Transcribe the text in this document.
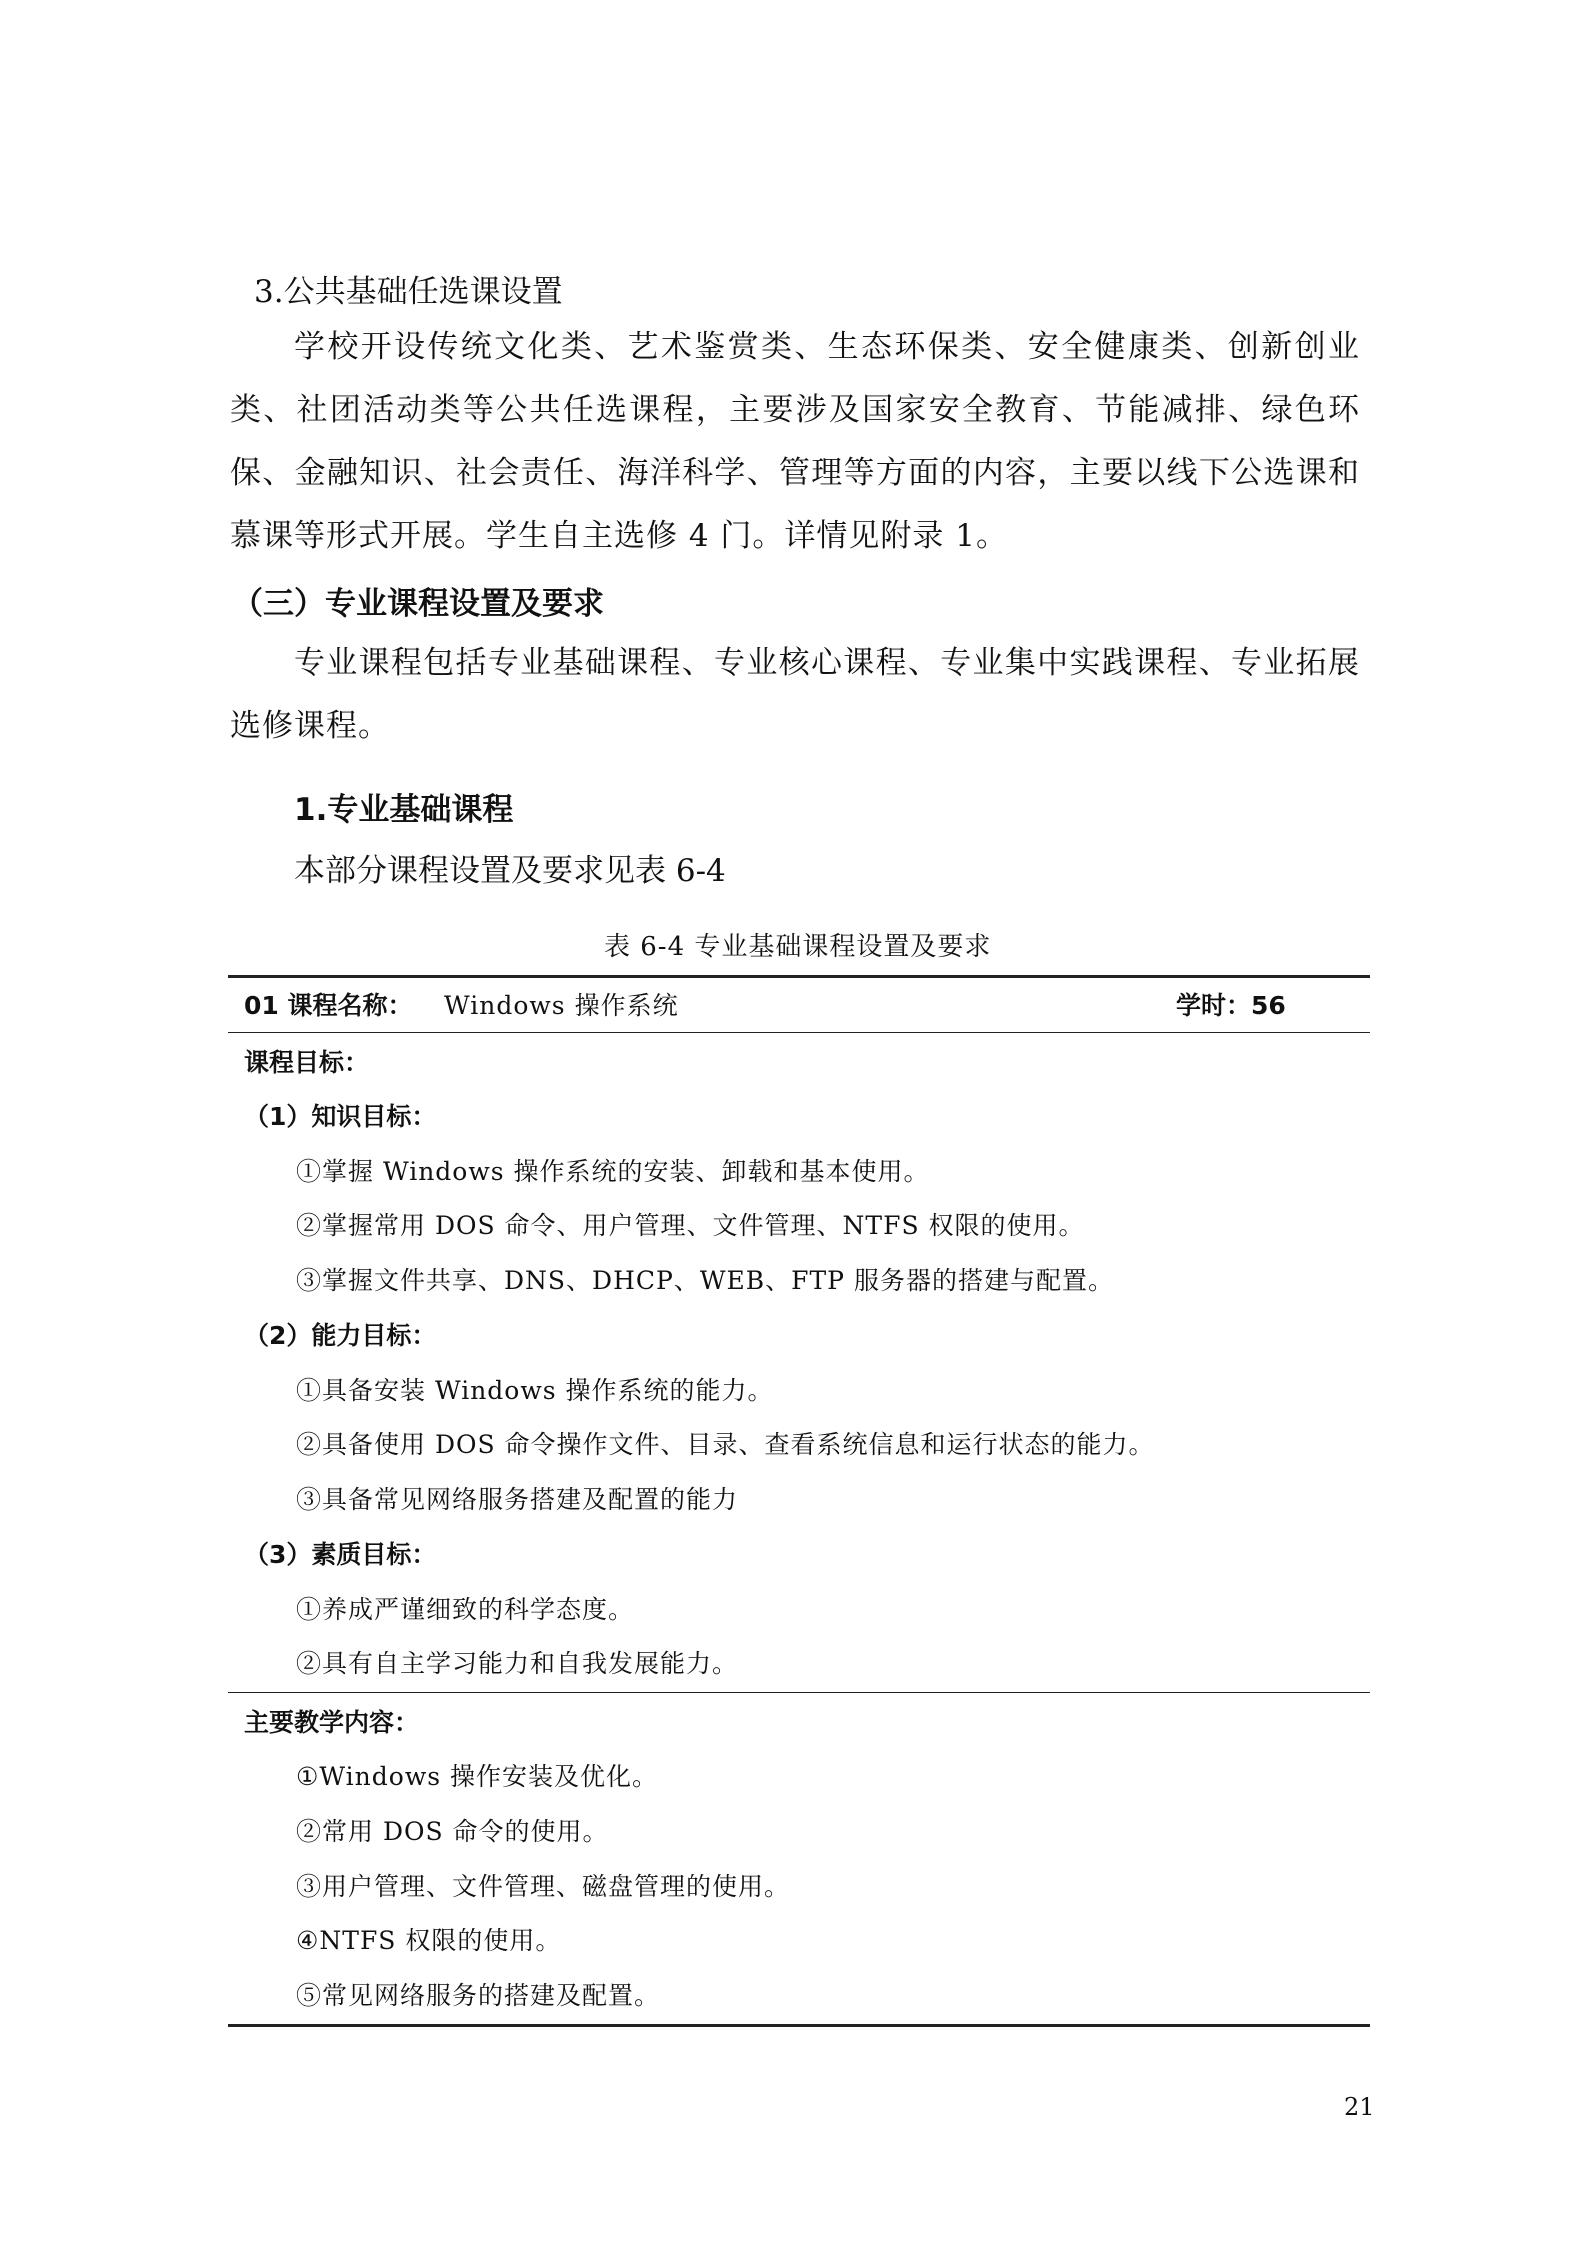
3.公共基础任选课设置
学校开设传统文化类、艺术鉴赏类、生态环保类、安全健康类、创新创业类、社团活动类等公共任选课程，主要涉及国家安全教育、节能减排、绿色环保、金融知识、社会责任、海洋科学、管理等方面的内容，主要以线下公选课和慕课等形式开展。学生自主选修 4 门。详情见附录 1。
（三）专业课程设置及要求
专业课程包括专业基础课程、专业核心课程、专业集中实践课程、专业拓展选修课程。
1.专业基础课程
本部分课程设置及要求见表 6-4
表 6-4 专业基础课程设置及要求
01 课程名称： Windows 操作系统	学时：56
课程目标：
（1）知识目标：
①掌握 Windows 操作系统的安装、卸载和基本使用。
②掌握常用 DOS 命令、用户管理、文件管理、NTFS 权限的使用。
③掌握文件共享、DNS、DHCP、WEB、FTP 服务器的搭建与配置。
（2）能力目标：
①具备安装 Windows 操作系统的能力。
②具备使用 DOS 命令操作文件、目录、查看系统信息和运行状态的能力。
③具备常见网络服务搭建及配置的能力
（3）素质目标：
①养成严谨细致的科学态度。
②具有自主学习能力和自我发展能力。
主要教学内容：
①Windows 操作安装及优化。
②常用 DOS 命令的使用。
③用户管理、文件管理、磁盘管理的使用。
④NTFS 权限的使用。
⑤常见网络服务的搭建及配置。
21
